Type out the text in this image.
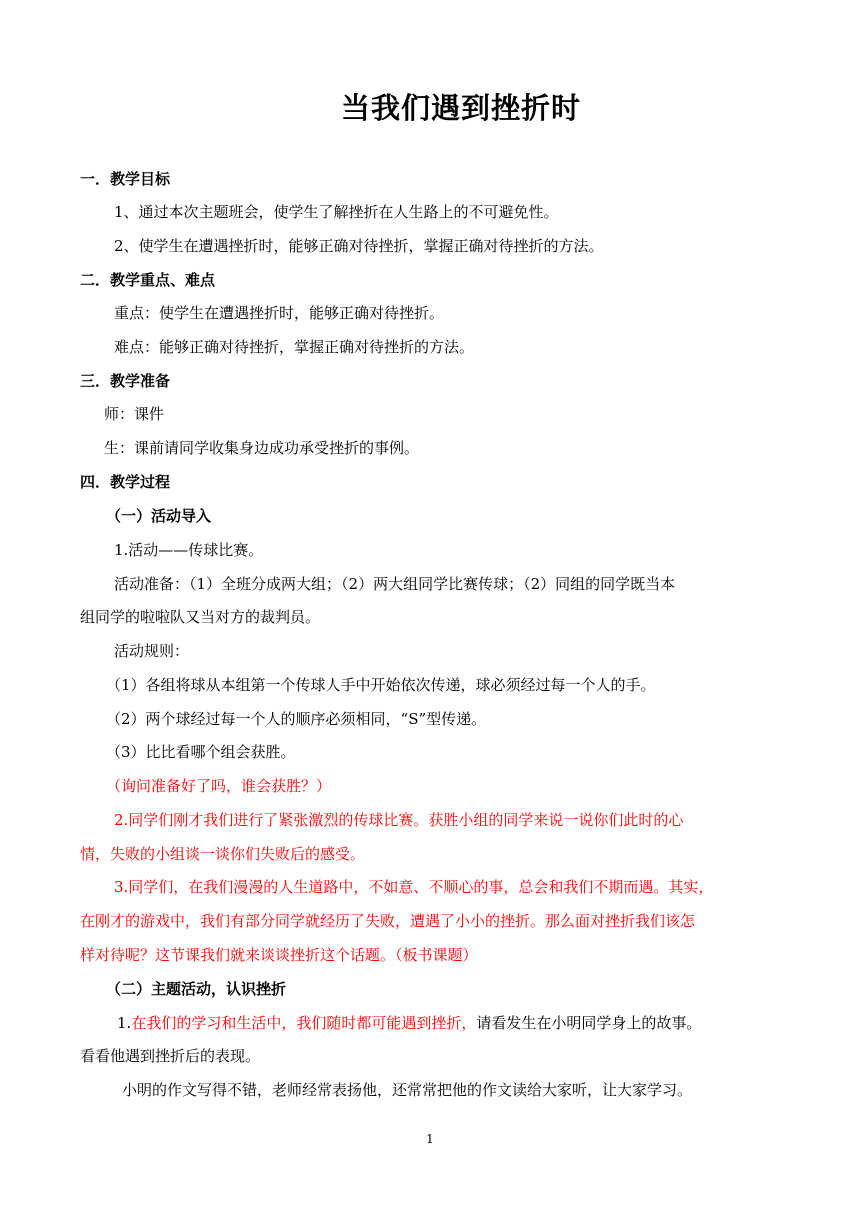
当我们遇到挫折时
一．教学目标
1、通过本次主题班会，使学生了解挫折在人生路上的不可避免性。
2、使学生在遭遇挫折时，能够正确对待挫折，掌握正确对待挫折的方法。
二．教学重点、难点
重点：使学生在遭遇挫折时，能够正确对待挫折。
难点：能够正确对待挫折，掌握正确对待挫折的方法。
三．教学准备
师：课件
生：课前请同学收集身边成功承受挫折的事例。
四．教学过程
（一）活动导入
1.活动——传球比赛。
活动准备：（1）全班分成两大组；（2）两大组同学比赛传球；（2）同组的同学既当本
组同学的啦啦队又当对方的裁判员。
活动规则：
（1）各组将球从本组第一个传球人手中开始依次传递，球必须经过每一个人的手。
（2）两个球经过每一个人的顺序必须相同，“S”型传递。
（3）比比看哪个组会获胜。
（询问准备好了吗，谁会获胜？）
2.同学们刚才我们进行了紧张激烈的传球比赛。获胜小组的同学来说一说你们此时的心
情，失败的小组谈一谈你们失败后的感受。
3.同学们，在我们漫漫的人生道路中，不如意、不顺心的事，总会和我们不期而遇。其实，
在刚才的游戏中，我们有部分同学就经历了失败，遭遇了小小的挫折。那么面对挫折我们该怎
样对待呢？这节课我们就来谈谈挫折这个话题。（板书课题）
（二）主题活动，认识挫折
1.在我们的学习和生活中，我们随时都可能遇到挫折，请看发生在小明同学身上的故事。
看看他遇到挫折后的表现。
小明的作文写得不错，老师经常表扬他，还常常把他的作文读给大家听，让大家学习。
1
